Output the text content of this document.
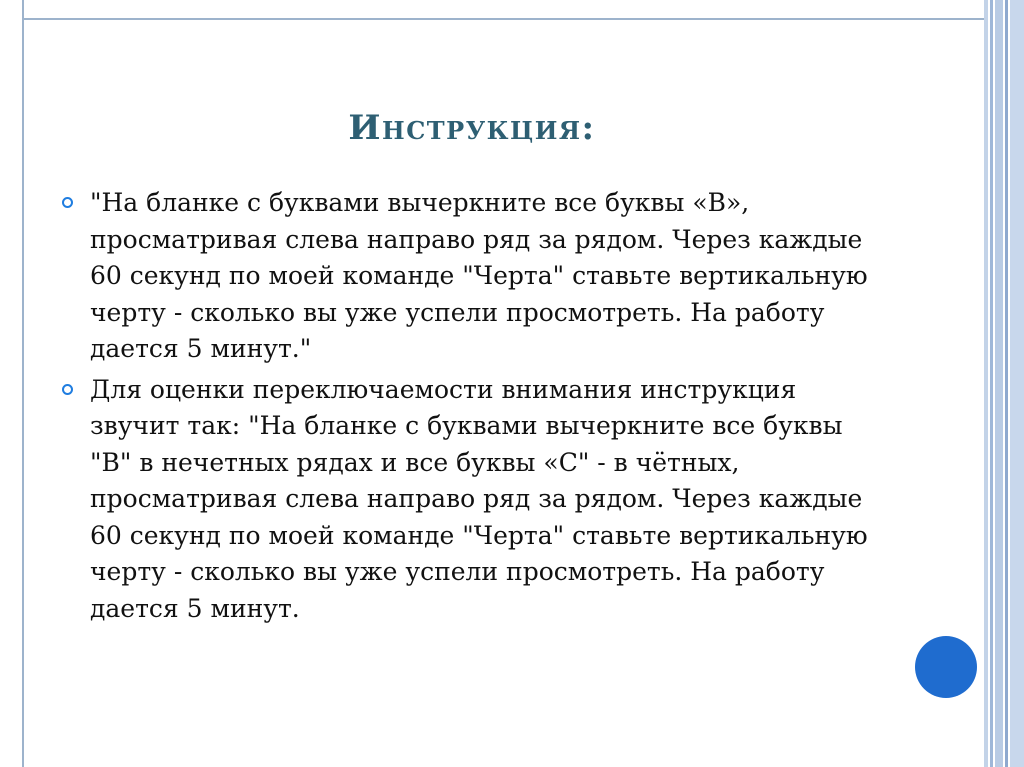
Инструкция:
"На бланке с буквами вычеркните все буквы «В», просматривая слева направо ряд за рядом. Через каждые 60 секунд по моей команде "Черта" ставьте вертикальную черту - сколько вы уже успели просмотреть. На работу дается 5 минут."
Для оценки переключаемости внимания инструкция звучит так: "На бланке с буквами вычеркните все буквы "В" в нечетных рядах и все буквы «С" - в чётных, просматривая слева направо ряд за рядом. Через каждые 60 секунд по моей команде "Черта" ставьте вертикальную черту - сколько вы уже успели просмотреть. На работу дается 5 минут.
